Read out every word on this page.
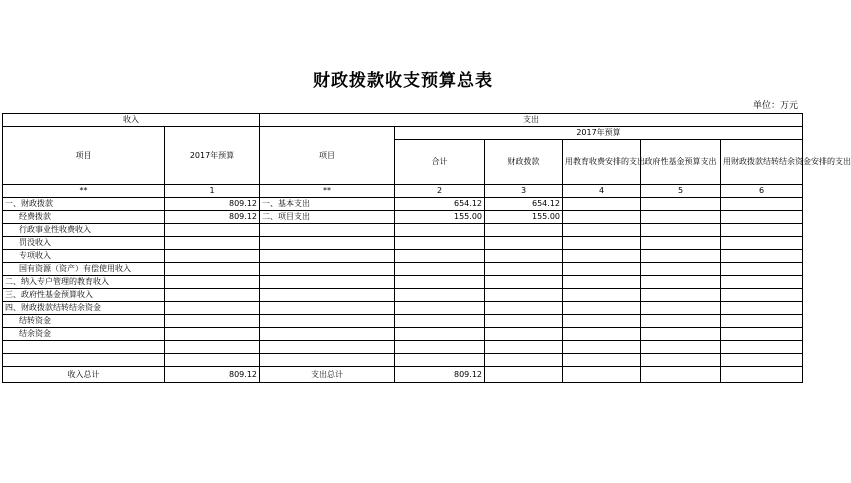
财政拨款收支预算总表
单位：万元
收入		支出					
项目	2017年预算	项目	2017年预算				
			合计	财政拨款	用教育收费安排的支出	政府性基金预算支出	用财政拨款结转结余资金安排的支出
**	1	**	2	3	4	5	6
一、财政拨款	809.12	一、基本支出	654.12	654.12			
经费拨款	809.12	二、项目支出	155.00	155.00			
行政事业性收费收入							
罚没收入							
专项收入							
国有资源（资产）有偿使用收入							
二、纳入专户管理的教育收入							
三、政府性基金预算收入							
四、财政拨款结转结余资金							
结转资金							
结余资金							

收入总计	809.12	支出总计	809.12				
